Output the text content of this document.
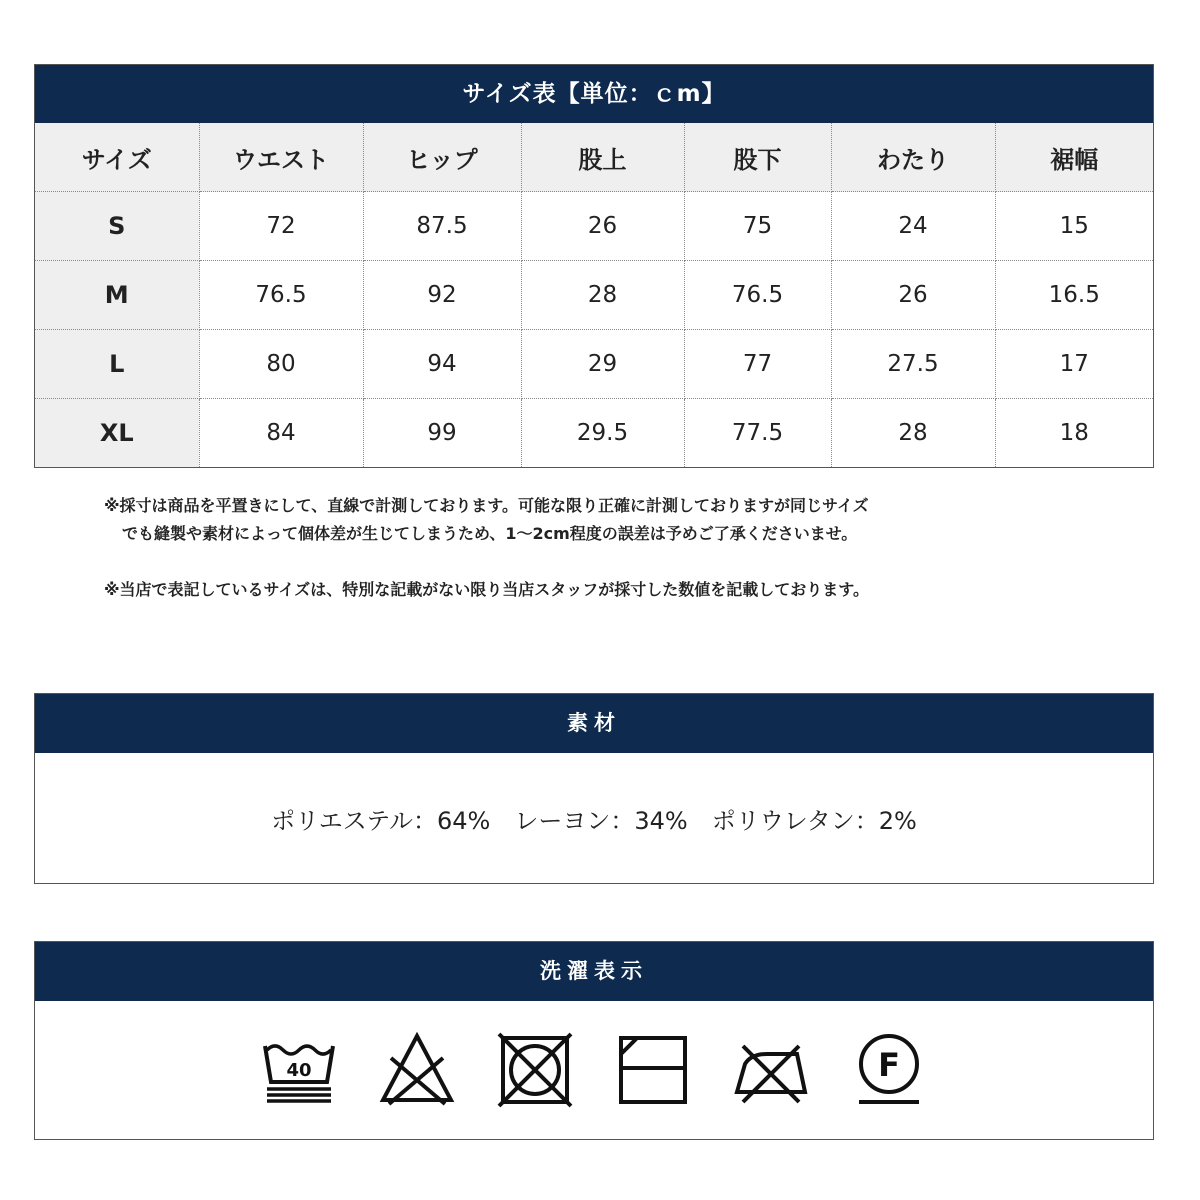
サイズ表【単位：ｃm】
サイズ	ウエスト	ヒップ	股上	股下	わたり	裾幅
S	72	87.5	26	75	24	15
M	76.5	92	28	76.5	26	16.5
L	80	94	29	77	27.5	17
XL	84	99	29.5	77.5	28	18

※採寸は商品を平置きにして、直線で計測しております。可能な限り正確に計測しておりますが同じサイズ

でも縫製や素材によって個体差が生じてしまうため、1～2cm程度の誤差は予めご了承くださいませ。

※当店で表記しているサイズは、特別な記載がない限り当店スタッフが採寸した数値を記載しております。

素材
ポリエステル：64%　レーヨン：34%　ポリウレタン：2%
洗濯表示
40	F
